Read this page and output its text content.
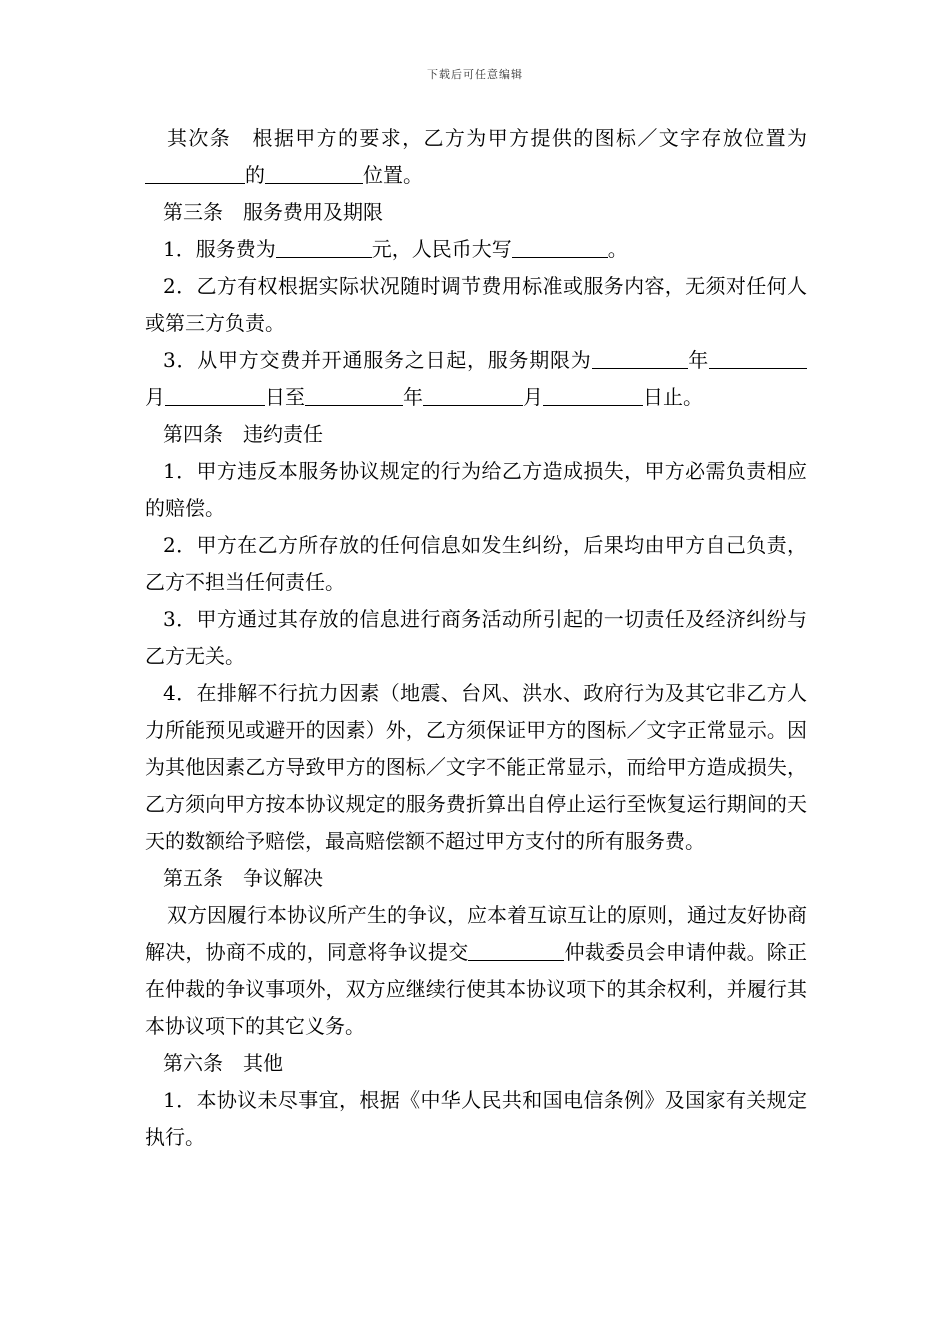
下载后可任意编辑

其次条　根据甲方的要求，乙方为甲方提供的图标／文字存放位置为的	位置。

第三条　服务费用及期限

1．服务费为	元，人民币大写	。

2．乙方有权根据实际状况随时调节费用标准或服务内容，无须对任何人或第三方负责。

3．从甲方交费并开通服务之日起，服务期限为	年月	日至	年	月	日止。

第四条　违约责任

1．甲方违反本服务协议规定的行为给乙方造成损失，甲方必需负责相应的赔偿。

2．甲方在乙方所存放的任何信息如发生纠纷，后果均由甲方自己负责，乙方不担当任何责任。

3．甲方通过其存放的信息进行商务活动所引起的一切责任及经济纠纷与乙方无关。

4．在排解不行抗力因素（地震、台风、洪水、政府行为及其它非乙方人力所能预见或避开的因素）外，乙方须保证甲方的图标／文字正常显示。因为其他因素乙方导致甲方的图标／文字不能正常显示，而给甲方造成损失，乙方须向甲方按本协议规定的服务费折算出自停止运行至恢复运行期间的天天的数额给予赔偿，最高赔偿额不超过甲方支付的所有服务费。

第五条　争议解决

双方因履行本协议所产生的争议，应本着互谅互让的原则，通过友好协商解决，协商不成的，同意将争议提交	仲裁委员会申请仲裁。除正在仲裁的争议事项外，双方应继续行使其本协议项下的其余权利，并履行其本协议项下的其它义务。

第六条　其他

1．本协议未尽事宜，根据《中华人民共和国电信条例》及国家有关规定执行。
